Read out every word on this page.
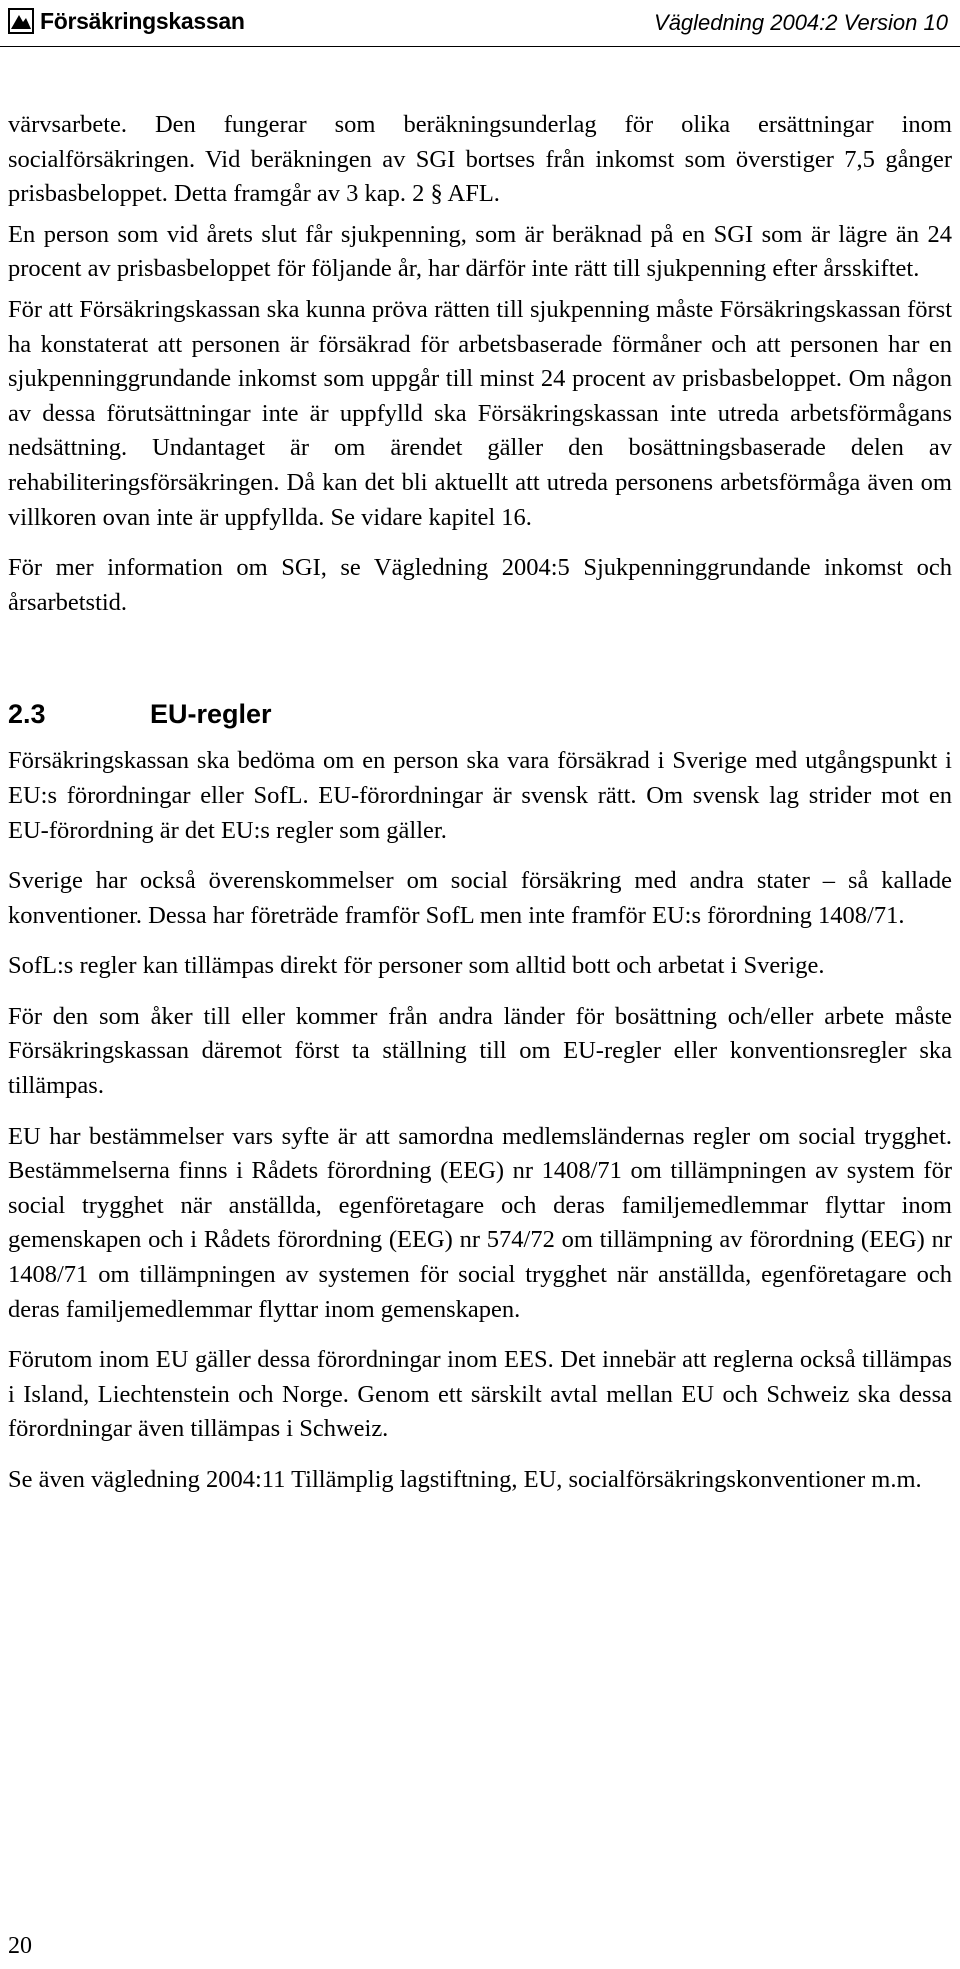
Försäkringskassan	Vägledning 2004:2 Version 10

värvsarbete. Den fungerar som beräkningsunderlag för olika ersättningar inom socialförsäkringen. Vid beräkningen av SGI bortses från inkomst som överstiger 7,5 gånger prisbasbeloppet. Detta framgår av 3 kap. 2 § AFL.

En person som vid årets slut får sjukpenning, som är beräknad på en SGI som är lägre än 24 procent av prisbasbeloppet för följande år, har därför inte rätt till sjukpenning efter årsskiftet.

För att Försäkringskassan ska kunna pröva rätten till sjukpenning måste Försäkringskassan först ha konstaterat att personen är försäkrad för arbetsbaserade förmåner och att personen har en sjukpenninggrundande inkomst som uppgår till minst 24 procent av prisbasbeloppet. Om någon av dessa förutsättningar inte är uppfylld ska Försäkringskassan inte utreda arbetsförmågans nedsättning. Undantaget är om ärendet gäller den bosättningsbaserade delen av rehabiliteringsförsäkringen. Då kan det bli aktuellt att utreda personens arbetsförmåga även om villkoren ovan inte är uppfyllda. Se vidare kapitel 16.

För mer information om SGI, se Vägledning 2004:5 Sjukpenninggrundande inkomst och årsarbetstid.

2.3	EU-regler

Försäkringskassan ska bedöma om en person ska vara försäkrad i Sverige med utgångspunkt i EU:s förordningar eller SofL. EU-förordningar är svensk rätt. Om svensk lag strider mot en EU-förordning är det EU:s regler som gäller.

Sverige har också överenskommelser om social försäkring med andra stater – så kallade konventioner. Dessa har företräde framför SofL men inte framför EU:s förordning 1408/71.

SofL:s regler kan tillämpas direkt för personer som alltid bott och arbetat i Sverige.

För den som åker till eller kommer från andra länder för bosättning och/eller arbete måste Försäkringskassan däremot först ta ställning till om EU-regler eller konventionsregler ska tillämpas.

EU har bestämmelser vars syfte är att samordna medlemsländernas regler om social trygghet. Bestämmelserna finns i Rådets förordning (EEG) nr 1408/71 om tillämpningen av system för social trygghet när anställda, egenföretagare och deras familjemedlemmar flyttar inom gemenskapen och i Rådets förordning (EEG) nr 574/72 om tillämpning av förordning (EEG) nr 1408/71 om tillämpningen av systemen för social trygghet när anställda, egenföretagare och deras familjemedlemmar flyttar inom gemenskapen.

Förutom inom EU gäller dessa förordningar inom EES. Det innebär att reglerna också tillämpas i Island, Liechtenstein och Norge. Genom ett särskilt avtal mellan EU och Schweiz ska dessa förordningar även tillämpas i Schweiz.

Se även vägledning 2004:11 Tillämplig lagstiftning, EU, socialförsäkringskonventioner m.m.

20
